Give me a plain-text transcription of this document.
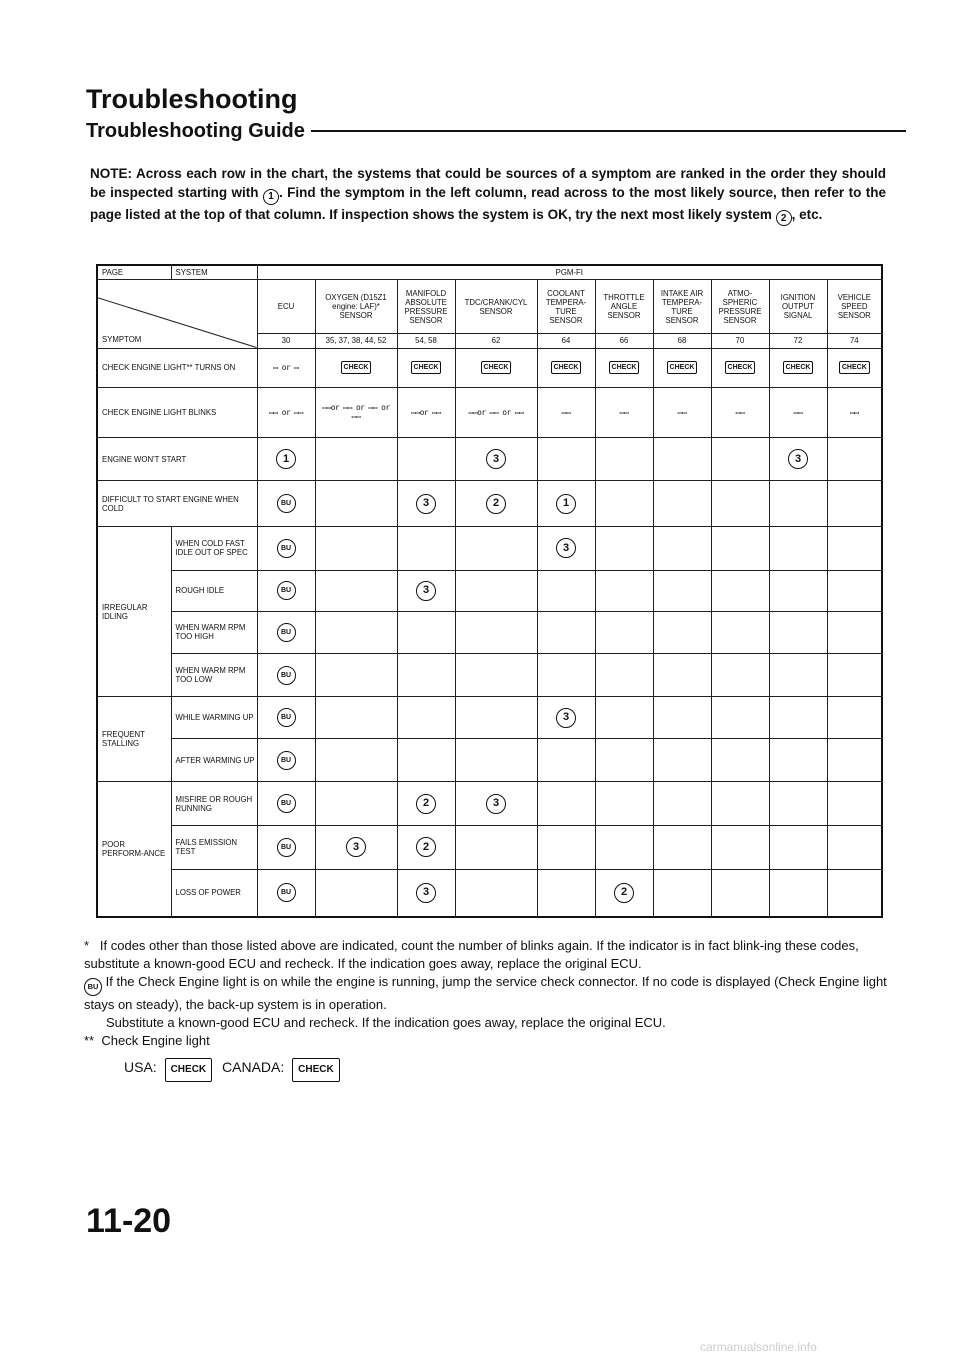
Troubleshooting
Troubleshooting Guide
NOTE: Across each row in the chart, the systems that could be sources of a symptom are ranked in the order they should be inspected starting with 1 . Find the symptom in the left column, read across to the most likely source, then refer to the page listed at the top of that column. If inspection shows the system is OK, try the next most likely system 2 , etc.
PAGE	SYSTEM	PGM-FI									

SYMPTOM		ECU	OXYGEN (D15Z1 engine: LAF)* SENSOR	MANIFOLD ABSOLUTE PRESSURE SENSOR	TDC/CRANK/CYL SENSOR	COOLANT TEMPERA-TURE SENSOR	THROTTLE ANGLE SENSOR	INTAKE AIR TEMPERA-TURE SENSOR	ATMO-SPHERIC PRESSURE SENSOR	IGNITION OUTPUT SIGNAL	VEHICLE SPEED SENSOR
		30	35, 37, 38, 44, 52	54, 58	62	64	66	68	70	72	74
CHECK ENGINE LIGHT** TURNS ON		▭ or ▭	CHECK	CHECK	CHECK	CHECK	CHECK	CHECK	CHECK	CHECK	CHECK
CHECK ENGINE LIGHT BLINKS		▭▭ or ▭▭	▭▭or ▭▭ or ▭▭ or ▭▭	▭▭or ▭▭	▭▭or ▭▭ or ▭▭	▭▭	▭▭	▭▭	▭▭	▭▭	▭▭
ENGINE WON'T START		1			3					3	
DIFFICULT TO START ENGINE WHEN COLD		BU		3	2	1					
IRREGULAR IDLING	WHEN COLD FAST IDLE OUT OF SPEC	BU				3					
	ROUGH IDLE	BU		3							
	WHEN WARM RPM TOO HIGH	BU									
	WHEN WARM RPM TOO LOW	BU									
FREQUENT STALLING	WHILE WARMING UP	BU				3					
	AFTER WARMING UP	BU									
POOR PERFORM-ANCE	MISFIRE OR ROUGH RUNNING	BU		2	3						
	FAILS EMISSION TEST	BU	3	2							
	LOSS OF POWER	BU		3			2				

* If codes other than those listed above are indicated, count the number of blinks again. If the indicator is in fact blink-ing these codes, substitute a known-good ECU and recheck. If the indication goes away, replace the original ECU.

BU If the Check Engine light is on while the engine is running, jump the service check connector. If no code is displayed (Check Engine light stays on steady), the back-up system is in operation.

Substitute a known-good ECU and recheck. If the indication goes away, replace the original ECU.

** Check Engine light

USA: CHECK CANADA: CHECK
11-20
carmanualsonline.info
